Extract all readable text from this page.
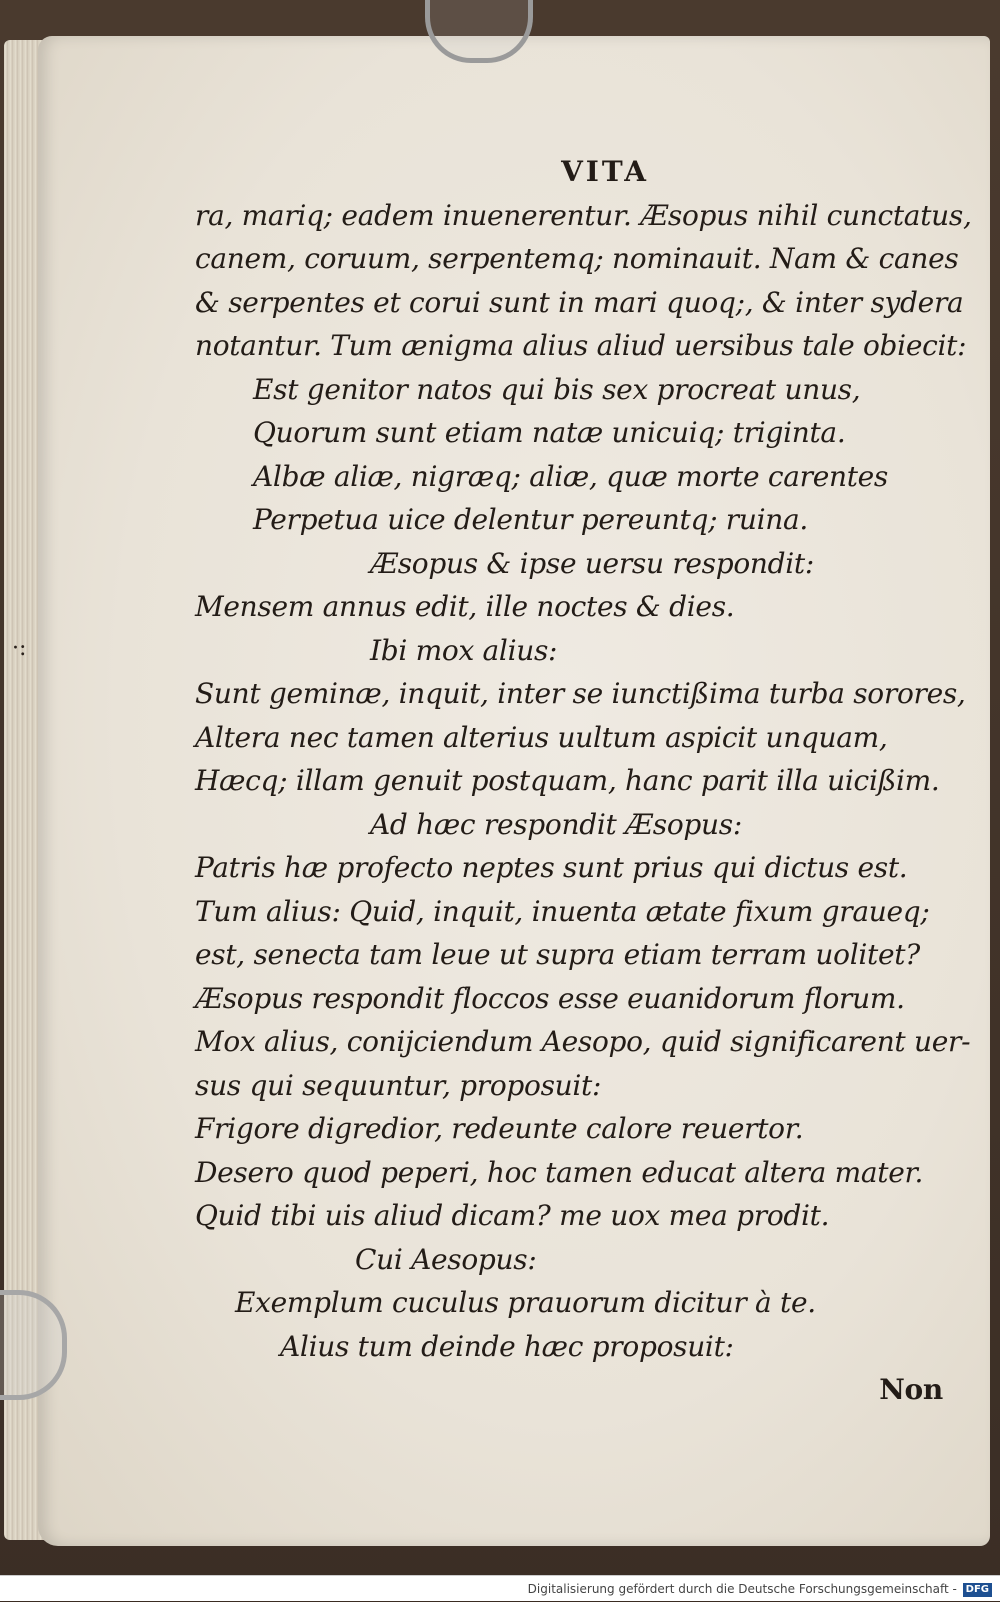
·:
VITA
ra, mariq; eadem inuenerentur. Æsopus nihil cunctatus,
canem, coruum, serpentemq; nominauit. Nam & canes
& serpentes et corui sunt in mari quoq;, & inter sydera
notantur. Tum ænigma alius aliud uersibus tale obiecit:
Est genitor natos qui bis sex procreat unus,
Quorum sunt etiam natæ unicuiq; triginta.
Albæ aliæ, nigræq; aliæ, quæ morte carentes
Perpetua uice delentur pereuntq; ruina.
Æsopus & ipse uersu respondit:
Mensem annus edit, ille noctes & dies.
Ibi mox alius:
Sunt geminæ, inquit, inter se iunctißima turba sorores,
Altera nec tamen alterius uultum aspicit unquam,
Hæcq; illam genuit postquam, hanc parit illa uicißim.
Ad hæc respondit Æsopus:
Patris hæ profecto neptes sunt prius qui dictus est.
Tum alius: Quid, inquit, inuenta ætate fixum graueq;
est, senecta tam leue ut supra etiam terram uolitet?
Æsopus respondit floccos esse euanidorum florum.
Mox alius, conijciendum Aesopo, quid significarent uer-
sus qui sequuntur, proposuit:
Frigore digredior, redeunte calore reuertor.
Desero quod peperi, hoc tamen educat altera mater.
Quid tibi uis aliud dicam? me uox mea prodit.
Cui Aesopus:
Exemplum cuculus prauorum dicitur à te.
Alius tum deinde hæc proposuit:
Non
Digitalisierung gefördert durch die Deutsche Forschungsgemeinschaft - DFG
